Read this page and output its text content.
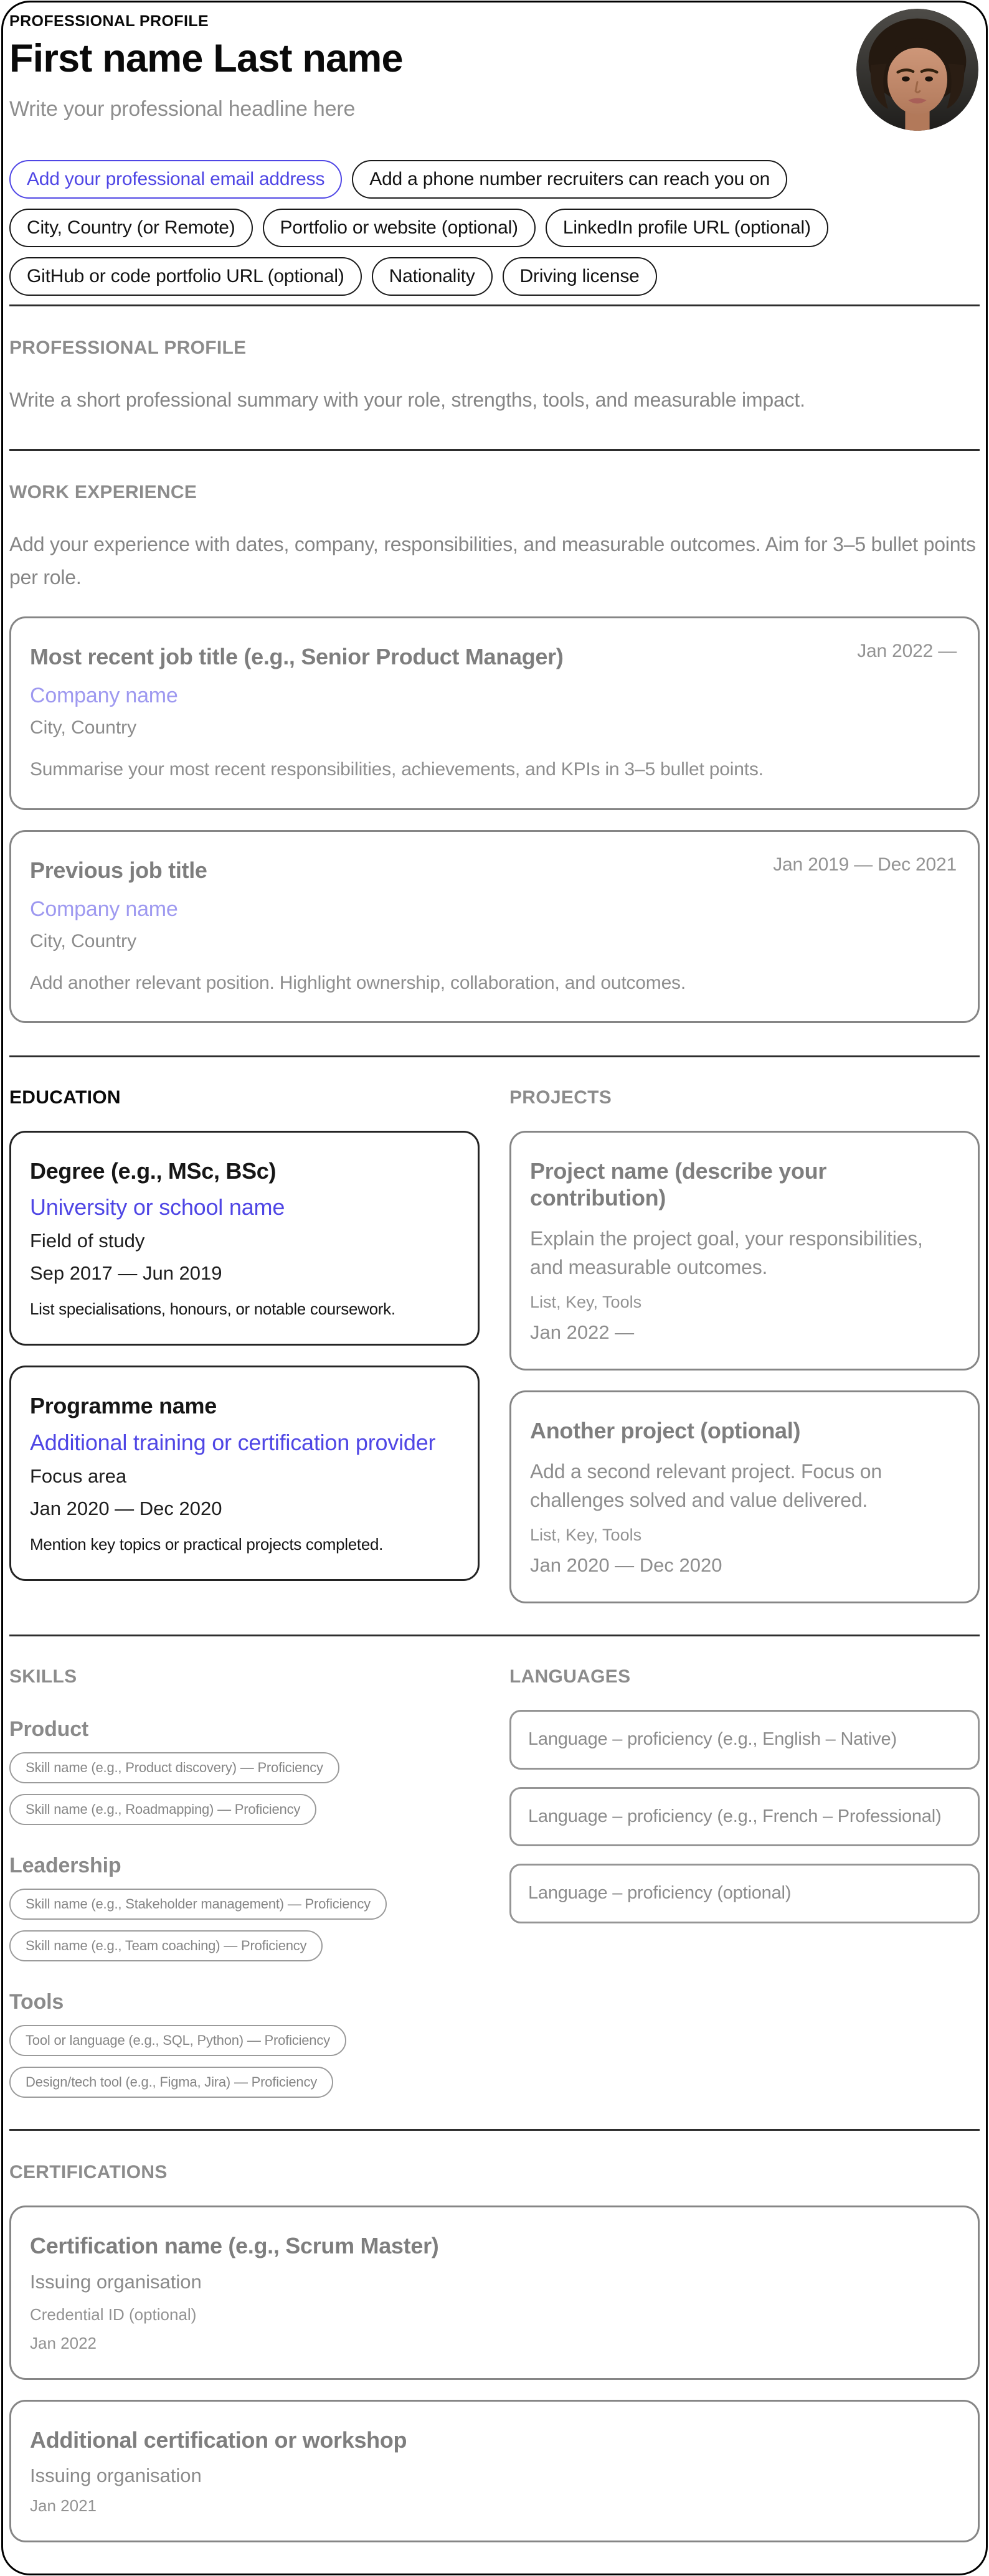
PROFESSIONAL PROFILE
First name Last name
Write your professional headline here
Add your professional email address	Add a phone number recruiters can reach you on
City, Country (or Remote)	Portfolio or website (optional)	LinkedIn profile URL (optional)
GitHub or code portfolio URL (optional)	Nationality	Driving license
PROFESSIONAL PROFILE
Write a short professional summary with your role, strengths, tools, and measurable impact.
WORK EXPERIENCE
Add your experience with dates, company, responsibilities, and measurable outcomes. Aim for 3–5 bullet points per role.
Most recent job title (e.g., Senior Product Manager)	Jan 2022 —
Company name
City, Country
Summarise your most recent responsibilities, achievements, and KPIs in 3–5 bullet points.
Previous job title	Jan 2019 — Dec 2021
Company name
City, Country
Add another relevant position. Highlight ownership, collaboration, and outcomes.
EDUCATION
Degree (e.g., MSc, BSc)
University or school name
Field of study
Sep 2017 — Jun 2019
List specialisations, honours, or notable coursework.
Programme name
Additional training or certification provider
Focus area
Jan 2020 — Dec 2020
Mention key topics or practical projects completed.
PROJECTS
Project name (describe your contribution)
Explain the project goal, your responsibilities, and measurable outcomes.
List, Key, Tools
Jan 2022 —
Another project (optional)
Add a second relevant project. Focus on challenges solved and value delivered.
List, Key, Tools
Jan 2020 — Dec 2020
SKILLS
Product
Skill name (e.g., Product discovery) — Proficiency
Skill name (e.g., Roadmapping) — Proficiency
Leadership
Skill name (e.g., Stakeholder management) — Proficiency
Skill name (e.g., Team coaching) — Proficiency
Tools
Tool or language (e.g., SQL, Python) — Proficiency
Design/tech tool (e.g., Figma, Jira) — Proficiency
LANGUAGES
Language – proficiency (e.g., English – Native)
Language – proficiency (e.g., French – Professional)
Language – proficiency (optional)
CERTIFICATIONS
Certification name (e.g., Scrum Master)
Issuing organisation
Credential ID (optional)
Jan 2022
Additional certification or workshop
Issuing organisation
Jan 2021
